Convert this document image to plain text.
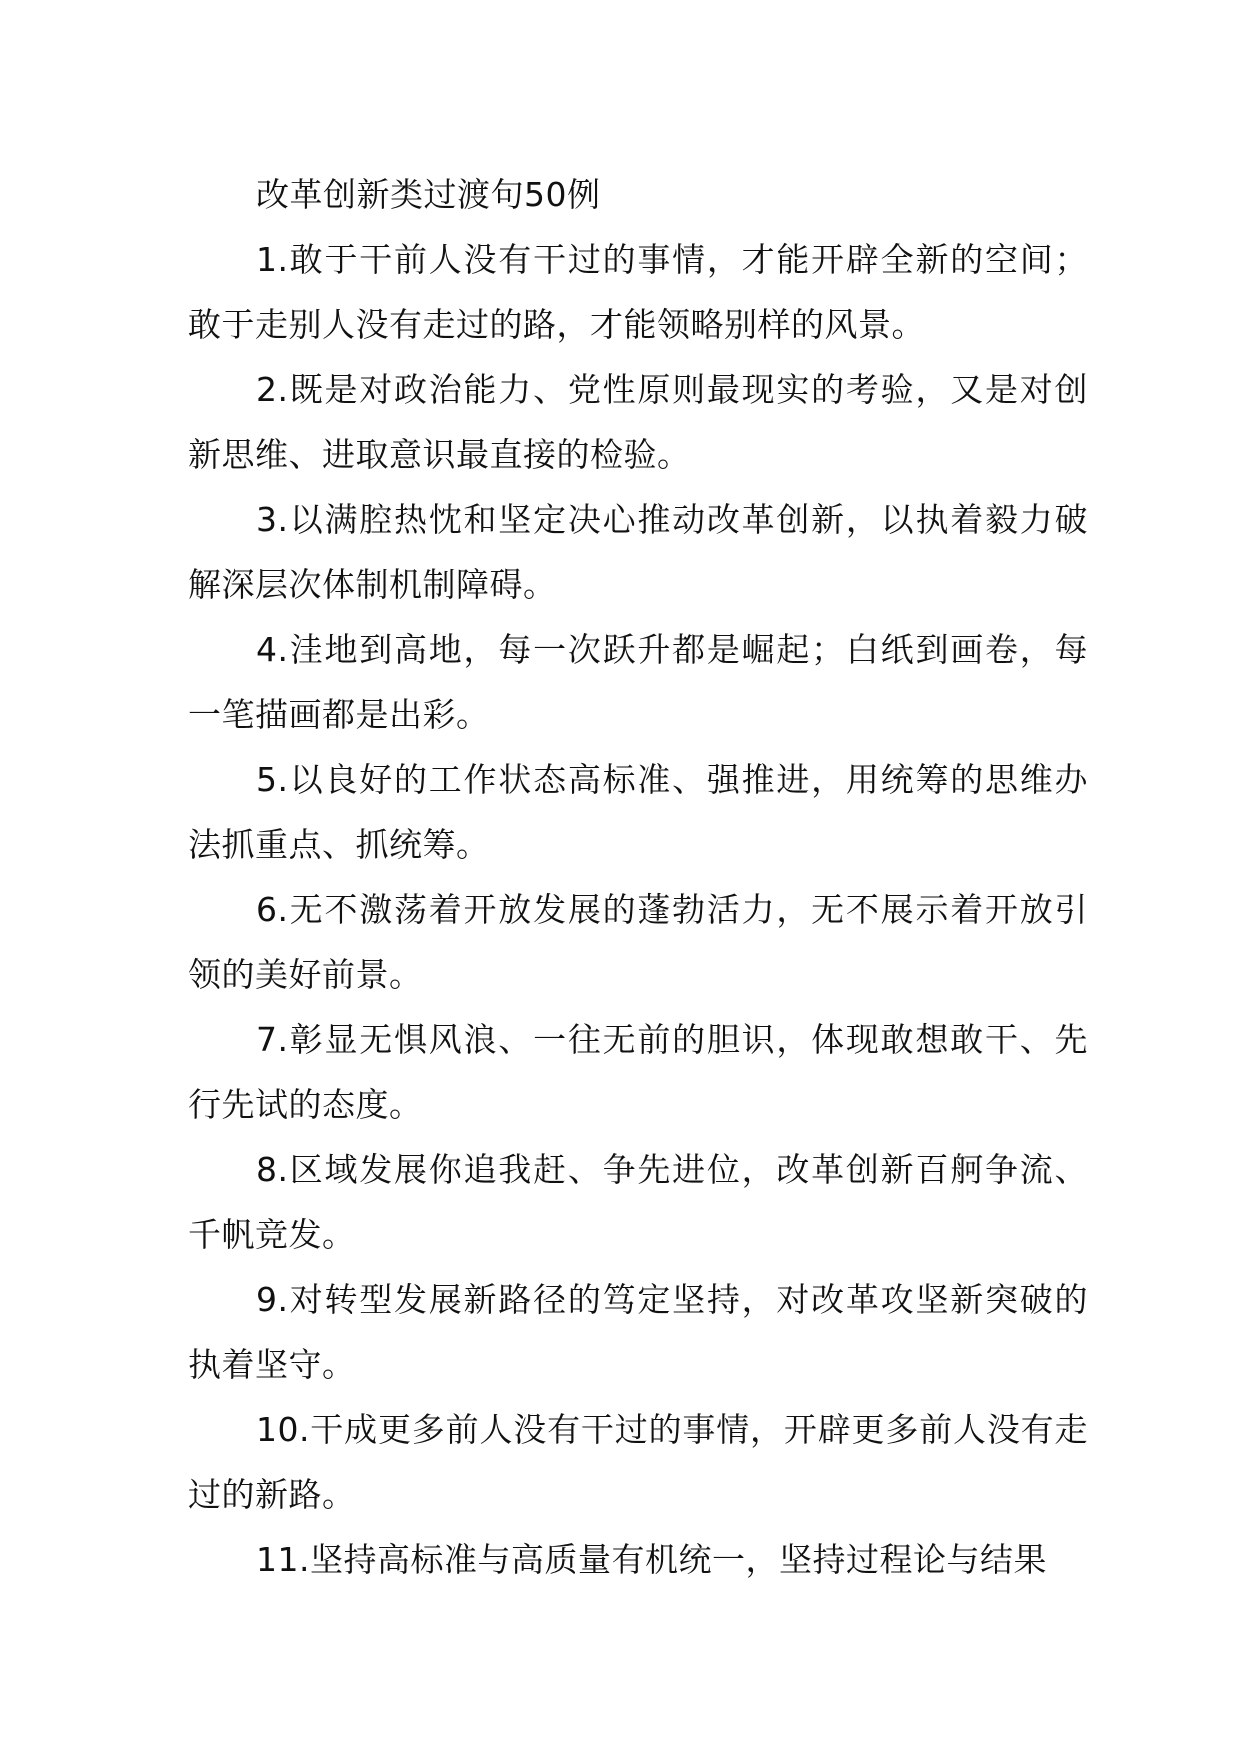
改革创新类过渡句50例

1.敢于干前人没有干过的事情，才能开辟全新的空间；敢于走别人没有走过的路，才能领略别样的风景。

2.既是对政治能力、党性原则最现实的考验，又是对创新思维、进取意识最直接的检验。

3.以满腔热忱和坚定决心推动改革创新，以执着毅力破解深层次体制机制障碍。

4.洼地到高地，每一次跃升都是崛起；白纸到画卷，每一笔描画都是出彩。

5.以良好的工作状态高标准、强推进，用统筹的思维办法抓重点、抓统筹。

6.无不激荡着开放发展的蓬勃活力，无不展示着开放引领的美好前景。

7.彰显无惧风浪、一往无前的胆识，体现敢想敢干、先行先试的态度。

8.区域发展你追我赶、争先进位，改革创新百舸争流、千帆竞发。

9.对转型发展新路径的笃定坚持，对改革攻坚新突破的执着坚守。

10.干成更多前人没有干过的事情，开辟更多前人没有走过的新路。

11.坚持高标准与高质量有机统一，坚持过程论与结果
